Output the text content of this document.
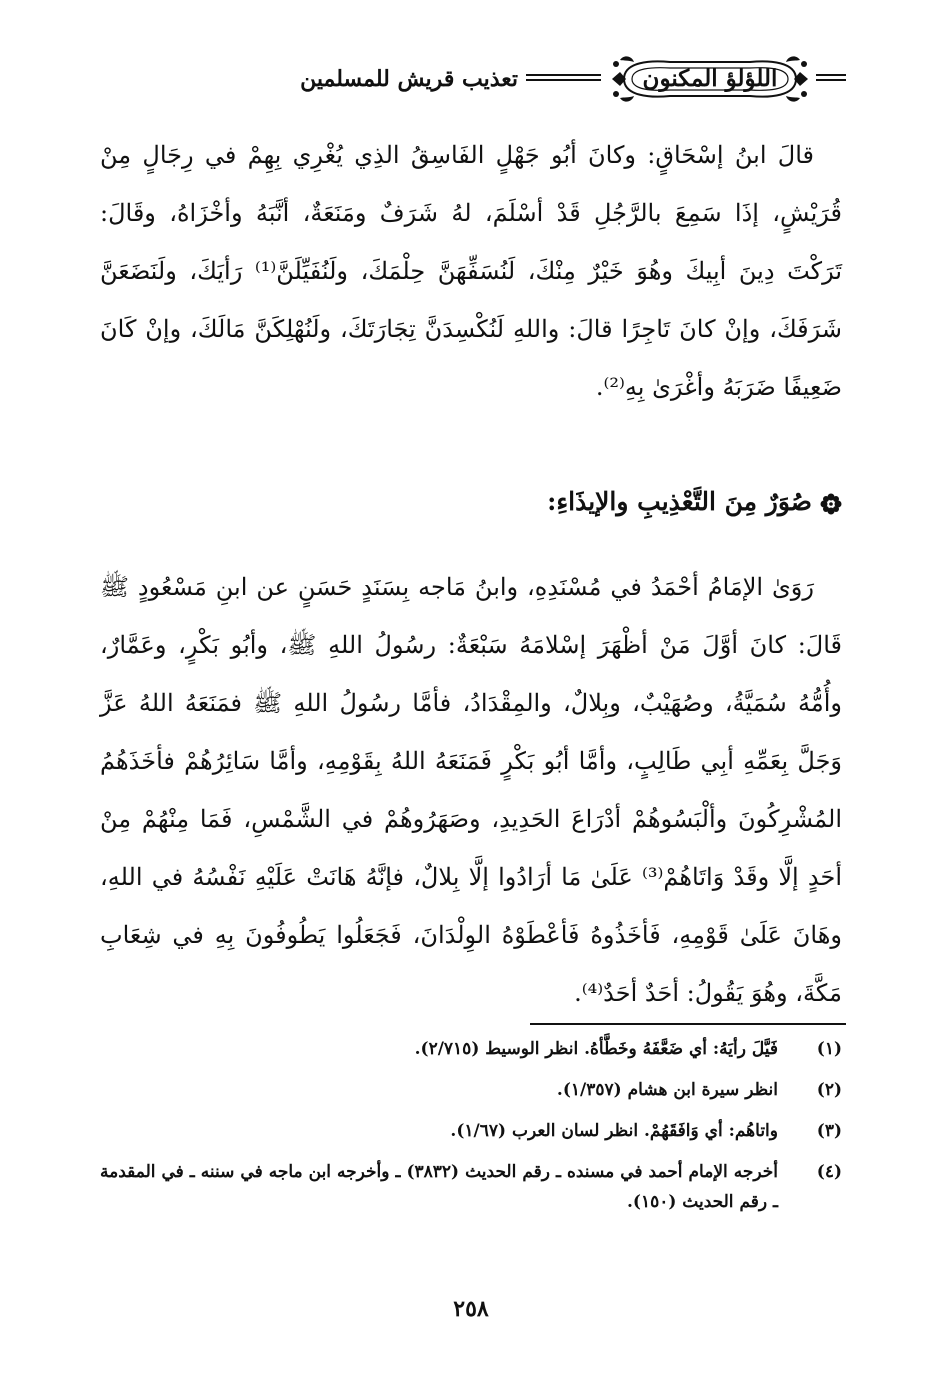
اللؤلؤ المكنون
تعذيب قريش للمسلمين
قالَ ابنُ إسْحَاقٍ: وكانَ أبُو جَهْلٍ الفَاسِقُ الذِي يُغْرِي بِهِمْ في رِجَالٍ مِنْ قُرَيْشٍ، إذَا سَمِعَ بالرَّجُلِ قَدْ أسْلَمَ، لهُ شَرَفٌ ومَنَعَةٌ، أنَّبَهُ وأخْزَاهُ، وقَالَ: تَرَكْتَ دِينَ أبِيكَ وهُوَ خَيْرٌ مِنْكَ، لَنُسَفِّهَنَّ حِلْمَكَ، ولَنُفَيِّلَنَّ⁽¹⁾ رَأيَكَ، ولَنَضَعَنَّ شَرَفَكَ، وإنْ كانَ تَاجِرًا قالَ: واللهِ لَنُكْسِدَنَّ تِجَارَتَكَ، ولَنُهْلِكَنَّ مَالَكَ، وإنْ كَانَ ضَعِيفًا ضَرَبَهُ وأغْرَىٰ بِهِ⁽²⁾.
صُوَرٌ مِنَ التَّعْذِيبِ والإيذَاءِ:
رَوَىٰ الإمَامُ أحْمَدُ في مُسْنَدِهِ، وابنُ مَاجه بِسَنَدٍ حَسَنٍ عن ابنِ مَسْعُودٍ ﷺ قَالَ: كانَ أوَّلَ مَنْ أظْهَرَ إسْلامَهُ سَبْعَةٌ: رسُولُ اللهِ ﷺ، وأبُو بَكْرٍ، وعَمَّارٌ، وأُمُّهُ سُمَيَّةُ، وصُهَيْبٌ، وبِلالٌ، والمِقْدَادُ، فأمَّا رسُولُ اللهِ ﷺ فمَنَعَهُ اللهُ عَزَّ وَجَلَّ بِعَمِّهِ أبِي طَالِبٍ، وأمَّا أبُو بَكْرٍ فَمَنَعَهُ اللهُ بِقَوْمِهِ، وأمَّا سَائِرُهُمْ فأخَذَهُمُ المُشْرِكُونَ وألْبَسُوهُمْ أدْرَاعَ الحَدِيدِ، وصَهَرُوهُمْ في الشَّمْسِ، فَمَا مِنْهُمْ مِنْ أحَدٍ إلَّا وقَدْ وَاتَاهُمْ⁽³⁾ عَلَىٰ مَا أرَادُوا إلَّا بِلالٌ، فإنَّهُ هَانَتْ عَلَيْهِ نَفْسُهُ في اللهِ، وهَانَ عَلَىٰ قَوْمِهِ، فَأخَذُوهُ فَأعْطَوْهُ الوِلْدَانَ، فَجَعَلُوا يَطُوفُونَ بِهِ في شِعَابِ مَكَّةَ، وهُوَ يَقُولُ: أحَدٌ أحَدٌ⁽⁴⁾.
(١)
فَيَّلَ رأيَهُ: أي ضَعَّفَهُ وخَطَّأهُ. انظر الوسيط (٢/٧١٥).
(٢)
انظر سيرة ابن هشام (١/٣٥٧).
(٣)
واتاهُم: أي وَافَقَهُمْ. انظر لسان العرب (١/٦٧).
(٤)
أخرجه الإمام أحمد في مسنده ـ رقم الحديث (٣٨٣٢) ـ وأخرجه ابن ماجه في سننه ـ في المقدمة ـ رقم الحديث (١٥٠).
٢٥٨
